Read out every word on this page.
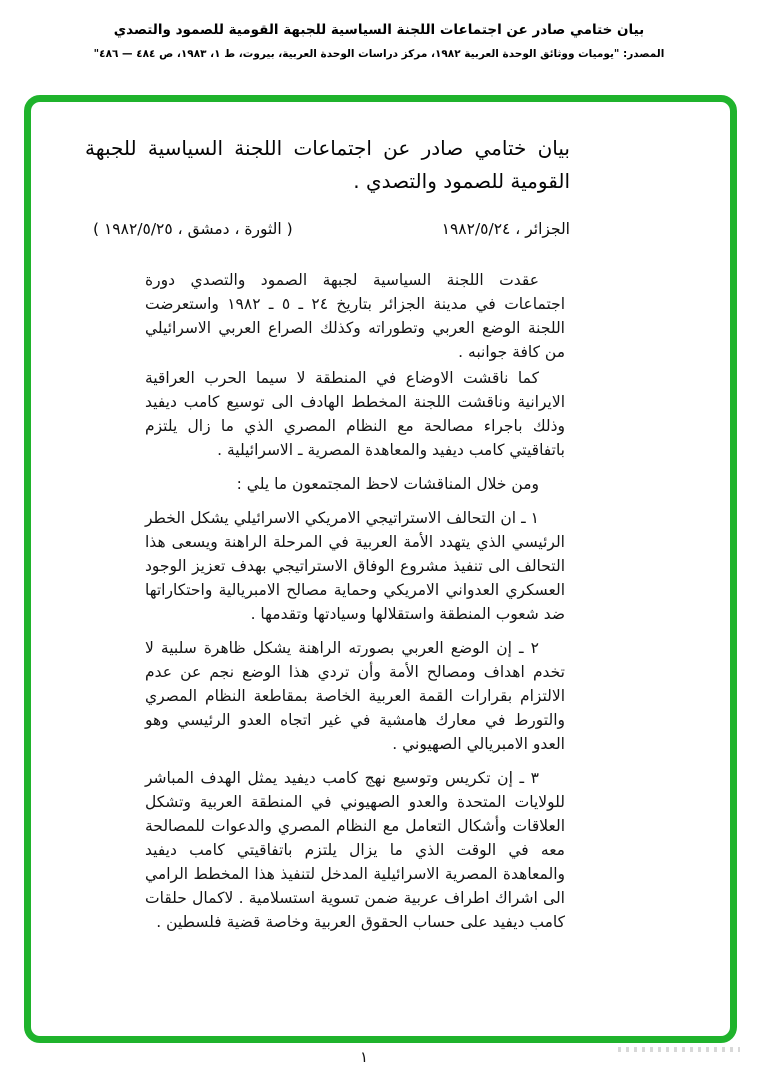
بيان ختامي صادر عن اجتماعات اللجنة السياسية للجبهة القومية للصمود والتصدي
المصدر: "يوميات ووثائق الوحدة العربية ١٩٨٢، مركز دراسات الوحدة العربية، بيروت، ط ١، ١٩٨٣، ص ٤٨٤ — ٤٨٦"
بيان ختامي صادر عن اجتماعات اللجنة السياسية للجبهة القومية للصمود والتصدي .
الجزائر ، ١٩٨٢/٥/٢٤
( الثورة ، دمشق ، ١٩٨٢/٥/٢٥ )

عقدت اللجنة السياسية لجبهة الصمود والتصدي دورة اجتماعات في مدينة الجزائر بتاريخ ٢٤ ـ ٥ ـ ١٩٨٢ واستعرضت اللجنة الوضع العربي وتطوراته وكذلك الصراع العربي الاسرائيلي من كافة جوانبه .

كما ناقشت الاوضاع في المنطقة لا سيما الحرب العراقية الايرانية وناقشت اللجنة المخطط الهادف الى توسيع كامب ديفيد وذلك باجراء مصالحة مع النظام المصري الذي ما زال يلتزم باتفاقيتي كامب ديفيد والمعاهدة المصرية ـ الاسرائيلية .

ومن خلال المناقشات لاحظ المجتمعون ما يلي :

١ ـ ان التحالف الاستراتيجي الامريكي الاسرائيلي يشكل الخطر الرئيسي الذي يتهدد الأمة العربية في المرحلة الراهنة ويسعى هذا التحالف الى تنفيذ مشروع الوفاق الاستراتيجي بهدف تعزيز الوجود العسكري العدواني الامريكي وحماية مصالح الامبريالية واحتكاراتها ضد شعوب المنطقة واستقلالها وسيادتها وتقدمها .

٢ ـ إن الوضع العربي بصورته الراهنة يشكل ظاهرة سلبية لا تخدم اهداف ومصالح الأمة وأن تردي هذا الوضع نجم عن عدم الالتزام بقرارات القمة العربية الخاصة بمقاطعة النظام المصري والتورط في معارك هامشية في غير اتجاه العدو الرئيسي وهو العدو الامبريالي الصهيوني .

٣ ـ إن تكريس وتوسيع نهج كامب ديفيد يمثل الهدف المباشر للولايات المتحدة والعدو الصهيوني في المنطقة العربية وتشكل العلاقات وأشكال التعامل مع النظام المصري والدعوات للمصالحة معه في الوقت الذي ما يزال يلتزم باتفاقيتي كامب ديفيد والمعاهدة المصرية الاسرائيلية المدخل لتنفيذ هذا المخطط الرامي الى اشراك اطراف عربية ضمن تسوية استسلامية . لاكمال حلقات كامب ديفيد على حساب الحقوق العربية وخاصة قضية فلسطين .

١
